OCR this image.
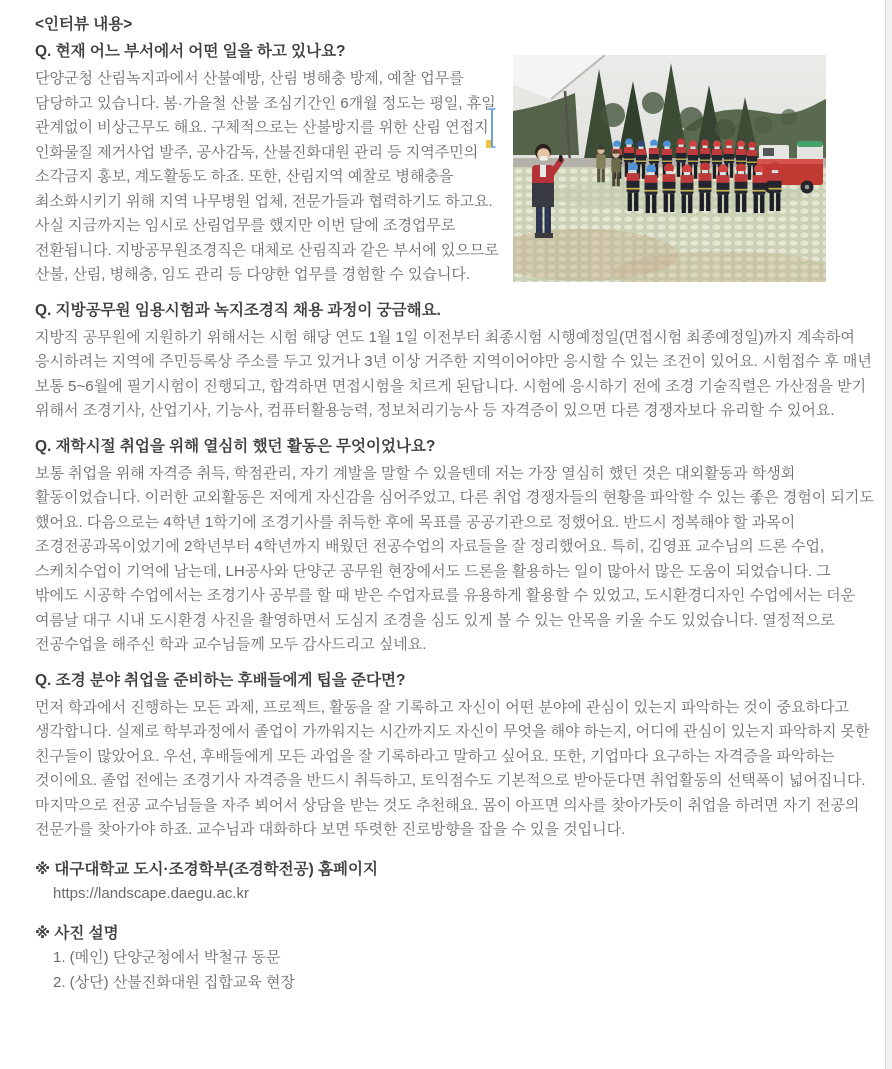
<인터뷰 내용>
Q. 현재 어느 부서에서 어떤 일을 하고 있나요?

단양군청 산림녹지과에서 산불예방, 산림 병해충 방제, 예찰 업무를 담당하고 있습니다. 봄·가을철 산불 조심기간인 6개월 정도는 평일, 휴일 관계없이 비상근무도 해요. 구체적으로는 산불방지를 위한 산림 연접지 인화물질 제거사업 발주, 공사감독, 산불진화대원 관리 등 지역주민의 소각금지 홍보, 계도활동도 하죠. 또한, 산림지역 예찰로 병해충을 최소화시키기 위해 지역 나무병원 업체, 전문가들과 협력하기도 하고요. 사실 지금까지는 임시로 산림업무를 했지만 이번 달에 조경업무로 전환됩니다. 지방공무원조경직은 대체로 산림직과 같은 부서에 있으므로 산불, 산림, 병해충, 임도 관리 등 다양한 업무를 경험할 수 있습니다.

Q. 지방공무원 임용시험과 녹지조경직 채용 과정이 궁금해요.

지방직 공무원에 지원하기 위해서는 시험 해당 연도 1월 1일 이전부터 최종시험 시행예정일(면접시험 최종예정일)까지 계속하여 응시하려는 지역에 주민등록상 주소를 두고 있거나 3년 이상 거주한 지역이어야만 응시할 수 있는 조건이 있어요. 시험접수 후 매년 보통 5~6월에 필기시험이 진행되고, 합격하면 면접시험을 치르게 된답니다. 시험에 응시하기 전에 조경 기술직렬은 가산점을 받기 위해서 조경기사, 산업기사, 기능사, 컴퓨터활용능력, 정보처리기능사 등 자격증이 있으면 다른 경쟁자보다 유리할 수 있어요.

Q. 재학시절 취업을 위해 열심히 했던 활동은 무엇이었나요?

보통 취업을 위해 자격증 취득, 학점관리, 자기 계발을 말할 수 있을텐데 저는 가장 열심히 했던 것은 대외활동과 학생회 활동이었습니다. 이러한 교외활동은 저에게 자신감을 심어주었고, 다른 취업 경쟁자들의 현황을 파악할 수 있는 좋은 경험이 되기도 했어요. 다음으로는 4학년 1학기에 조경기사를 취득한 후에 목표를 공공기관으로 정했어요. 반드시 정복해야 할 과목이 조경전공과목이었기에 2학년부터 4학년까지 배웠던 전공수업의 자료들을 잘 정리했어요. 특히, 김영표 교수님의 드론 수업, 스케치수업이 기억에 남는데, LH공사와 단양군 공무원 현장에서도 드론을 활용하는 일이 많아서 많은 도움이 되었습니다. 그 밖에도 시공학 수업에서는 조경기사 공부를 할 때 받은 수업자료를 유용하게 활용할 수 있었고, 도시환경디자인 수업에서는 더운 여름날 대구 시내 도시환경 사진을 촬영하면서 도심지 조경을 심도 있게 볼 수 있는 안목을 키울 수도 있었습니다. 열정적으로 전공수업을 해주신 학과 교수님들께 모두 감사드리고 싶네요.

Q. 조경 분야 취업을 준비하는 후배들에게 팁을 준다면?

먼저 학과에서 진행하는 모든 과제, 프로젝트, 활동을 잘 기록하고 자신이 어떤 분야에 관심이 있는지 파악하는 것이 중요하다고 생각합니다. 실제로 학부과정에서 졸업이 가까워지는 시간까지도 자신이 무엇을 해야 하는지, 어디에 관심이 있는지 파악하지 못한 친구들이 많았어요. 우선, 후배들에게 모든 과업을 잘 기록하라고 말하고 싶어요. 또한, 기업마다 요구하는 자격증을 파악하는 것이에요. 졸업 전에는 조경기사 자격증을 반드시 취득하고, 토익점수도 기본적으로 받아둔다면 취업활동의 선택폭이 넓어집니다. 마지막으로 전공 교수님들을 자주 뵈어서 상담을 받는 것도 추천해요. 몸이 아프면 의사를 찾아가듯이 취업을 하려면 자기 전공의 전문가를 찾아가야 하죠. 교수님과 대화하다 보면 뚜렷한 진로방향을 잡을 수 있을 것입니다.

※ 대구대학교 도시·조경학부(조경학전공) 홈페이지
https://landscape.daegu.ac.kr
※ 사진 설명
1. (메인) 단양군청에서 박철규 동문
2. (상단) 산불진화대원 집합교육 현장
